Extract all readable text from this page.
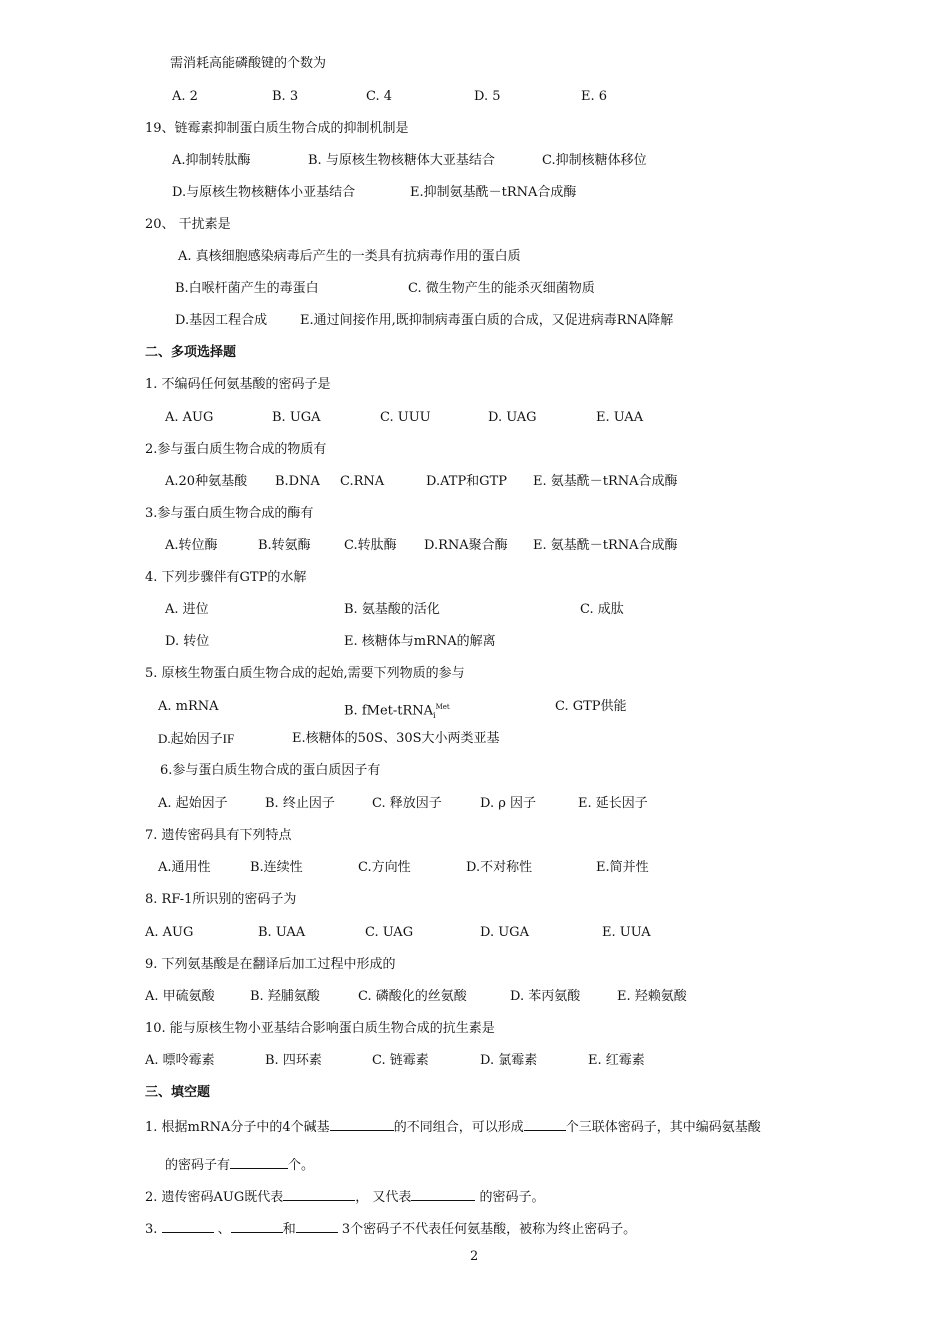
需消耗高能磷酸键的个数为
A. 2	B. 3	C. 4	D. 5	E. 6
19、链霉素抑制蛋白质生物合成的抑制机制是
A.抑制转肽酶	B. 与原核生物核糖体大亚基结合	C.抑制核糖体移位
D.与原核生物核糖体小亚基结合	E.抑制氨基酰－tRNA合成酶
20、 干扰素是
A. 真核细胞感染病毒后产生的一类具有抗病毒作用的蛋白质
B.白喉杆菌产生的毒蛋白	C. 微生物产生的能杀灭细菌物质
D.基因工程合成	E.通过间接作用,既抑制病毒蛋白质的合成，又促进病毒RNA降解
二、多项选择题
1. 不编码任何氨基酸的密码子是
A. AUG	B. UGA	C. UUU	D. UAG	E. UAA
2.参与蛋白质生物合成的物质有
A.20种氨基酸 B.DNA C.RNA	D.ATP和GTP E. 氨基酰－tRNA合成酶
3.参与蛋白质生物合成的酶有
A.转位酶	B.转氨酶	C.转肽酶 D.RNA聚合酶 E. 氨基酰－tRNA合成酶
4. 下列步骤伴有GTP的水解
A. 进位	B. 氨基酸的活化	C. 成肽
D. 转位	E. 核糖体与mRNA的解离
5. 原核生物蛋白质生物合成的起始,需要下列物质的参与
A. mRNA	B. fMet-tRNA$_i^{Met}$	C. GTP供能
D.起始因子IF	E.核糖体的50S、30S大小两类亚基
6.参与蛋白质生物合成的蛋白质因子有
A. 起始因子	B. 终止因子	C. 释放因子	D. ρ 因子	E. 延长因子
7. 遗传密码具有下列特点
A.通用性	B.连续性	C.方向性	D.不对称性	E.简并性
8. RF-1所识别的密码子为
A. AUG	B. UAA	C. UAG	D. UGA	E. UUA
9. 下列氨基酸是在翻译后加工过程中形成的
A. 甲硫氨酸	B. 羟脯氨酸	C. 磷酸化的丝氨酸	D. 苯丙氨酸	E. 羟赖氨酸
10. 能与原核生物小亚基结合影响蛋白质生物合成的抗生素是
A. 嘌呤霉素	B. 四环素	C. 链霉素	D. 氯霉素	E. 红霉素
三、填空题
1. 根据mRNA分子中的4个碱基	的不同组合，可以形成	个三联体密码子，其中编码氨基酸
的密码子有	个。
2. 遗传密码AUG既代表	， 又代表	的密码子。
3.	、	和	3个密码子不代表任何氨基酸，被称为终止密码子。
2
